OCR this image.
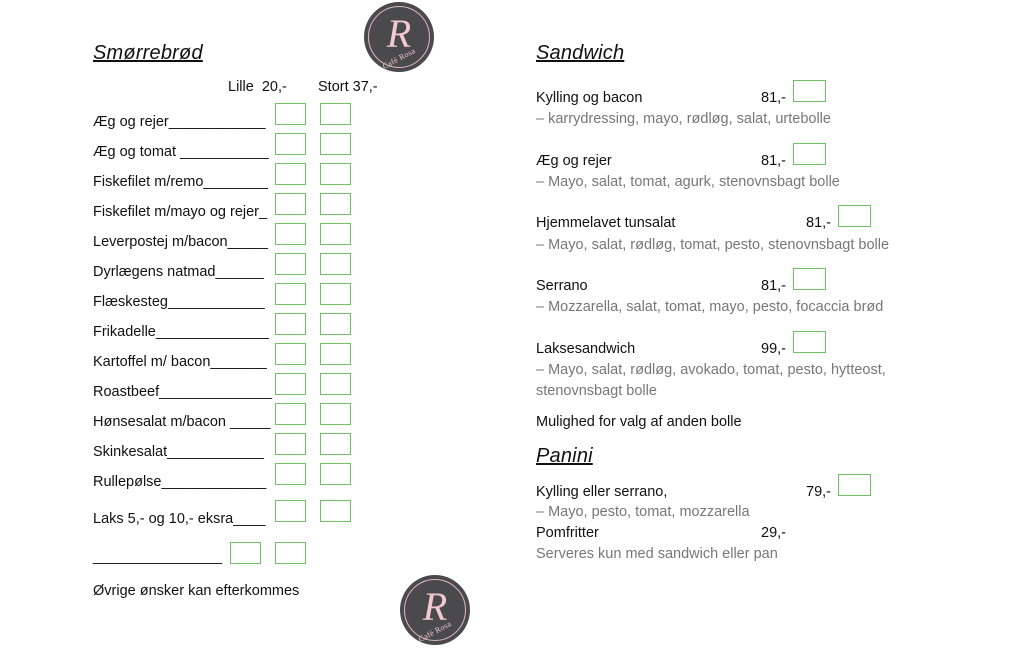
R
Café Rosa
R
Café Rosa
Smørrebrød
Lille  20,- Stort 37,-
Æg og rejer____________
Æg og tomat ___________
Fiskefilet m/remo________
Fiskefilet m/mayo og rejer_
Leverpostej m/bacon_____
Dyrlægens natmad______
Flæskesteg____________
Frikadelle______________
Kartoffel m/ bacon_______
Roastbeef______________
Hønsesalat m/bacon _____
Skinkesalat____________
Rullepølse_____________
Laks 5,- og 10,- eksra____
________________
Øvrige ønsker kan efterkommes
Sandwich
Kylling og bacon	81,-
– karrydressing, mayo, rødløg, salat, urtebolle
Æg og rejer	81,-
– Mayo, salat, tomat, agurk, stenovnsbagt bolle
Hjemmelavet tunsalat	81,-
– Mayo, salat, rødløg, tomat, pesto, stenovnsbagt bolle
Serrano	81,-
– Mozzarella, salat, tomat, mayo, pesto, focaccia brød
Laksesandwich	99,-
– Mayo, salat, rødløg, avokado, tomat, pesto, hytteost,
stenovnsbagt bolle
Mulighed for valg af anden bolle
Panini
Kylling eller serrano,	79,-
– Mayo, pesto, tomat, mozzarella
Pomfritter	29,-
Serveres kun med sandwich eller pan
